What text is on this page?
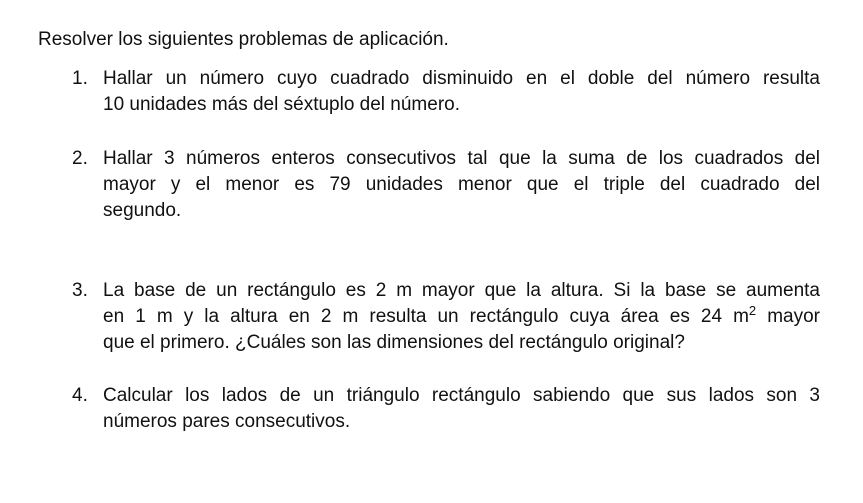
Resolver los siguientes problemas de aplicación.

1. Hallar un número cuyo cuadrado disminuido en el doble del número resulta
10 unidades más del séxtuplo del número.
2. Hallar 3 números enteros consecutivos tal que la suma de los cuadrados del
mayor y el menor es 79 unidades menor que el triple del cuadrado del
segundo.
3. La base de un rectángulo es 2 m mayor que la altura. Si la base se aumenta
en 1 m y la altura en 2 m resulta un rectángulo cuya área es 24 $m^2$ mayor
que el primero. ¿Cuáles son las dimensiones del rectángulo original?
4. Calcular los lados de un triángulo rectángulo sabiendo que sus lados son 3
números pares consecutivos.
